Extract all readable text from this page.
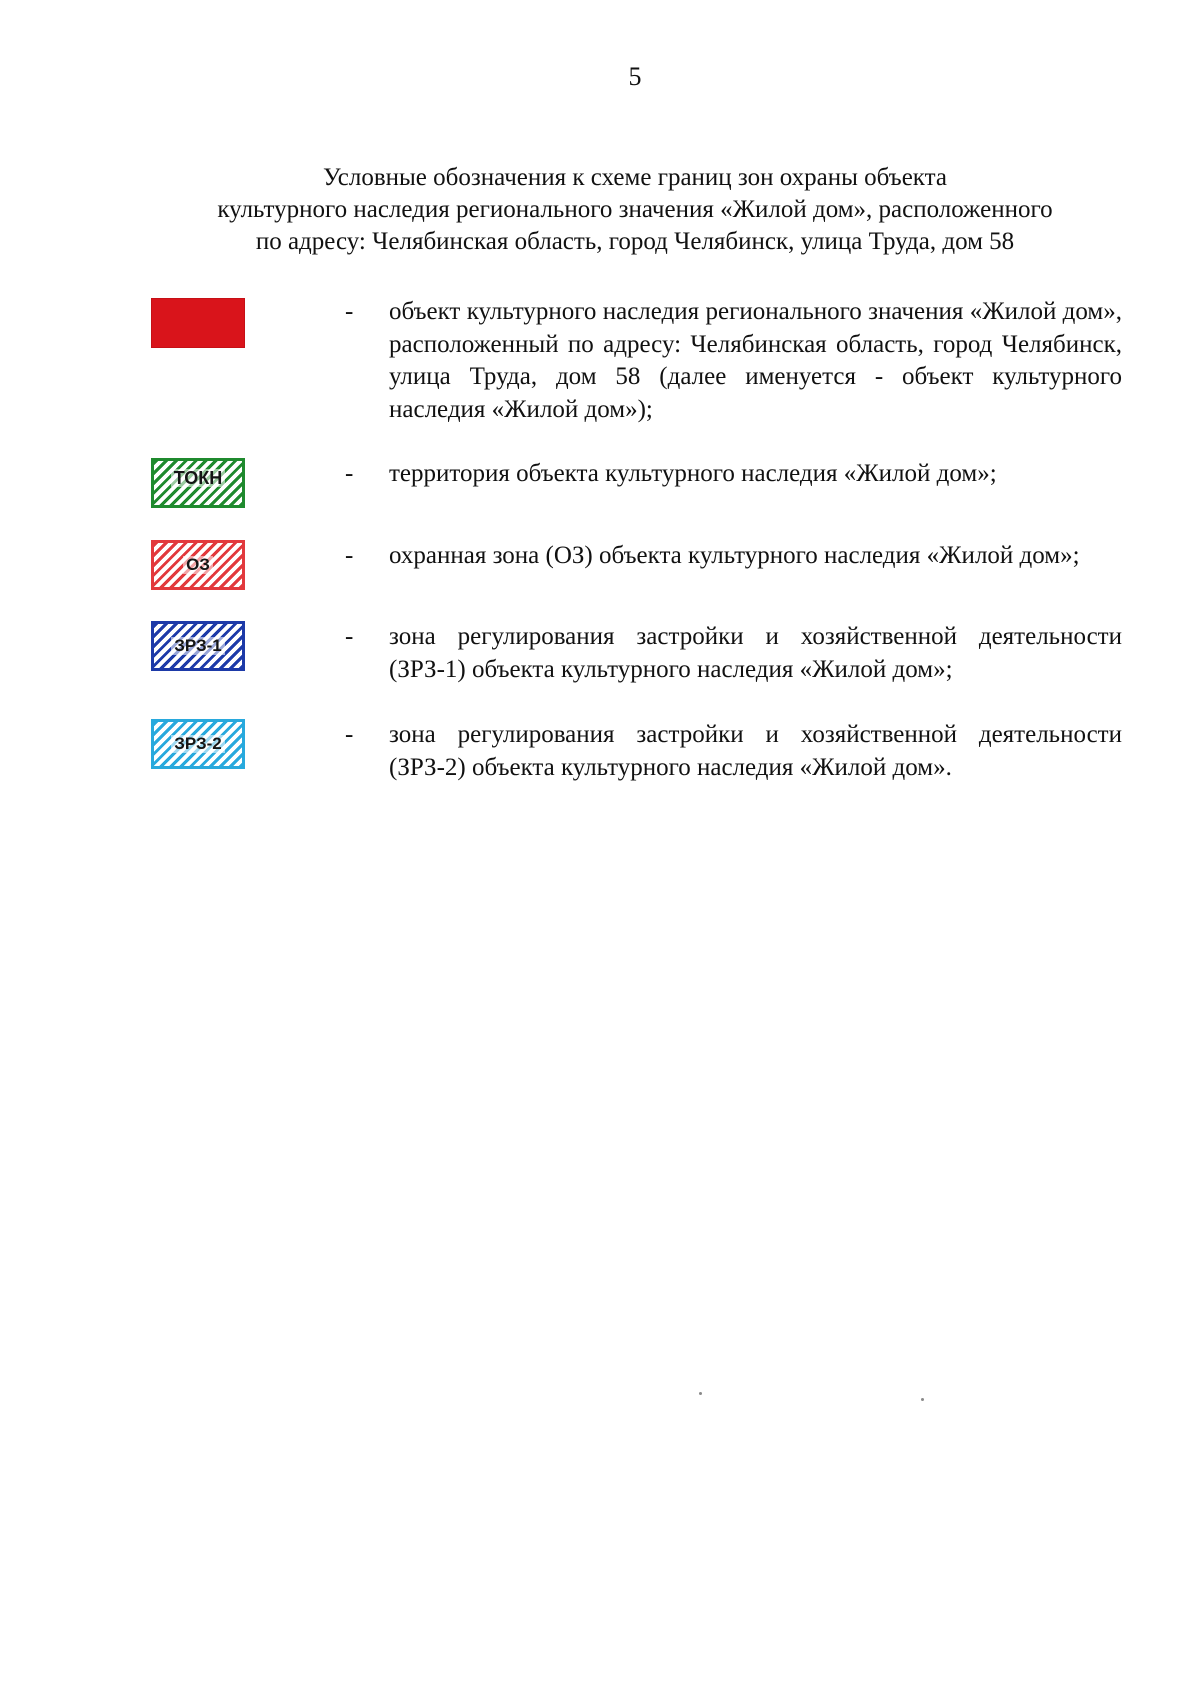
5
Условные обозначения к схеме границ зон охраны объекта
культурного наследия регионального значения «Жилой дом», расположенного
по адресу: Челябинская область, город Челябинск, улица Труда, дом 58
- объект культурного наследия регионального значения «Жилой дом», расположенный по адресу: Челябинская область, город Челябинск, улица Труда, дом 58 (далее именуется - объект культурного наследия «Жилой дом»);
ТОКН	- территория объекта культурного наследия «Жилой дом»;
ОЗ	- охранная зона (ОЗ) объекта культурного наследия «Жилой дом»;
ЗРЗ-1	- зона регулирования застройки и хозяйственной деятельности (ЗРЗ-1) объекта культурного наследия «Жилой дом»;
ЗРЗ-2	- зона регулирования застройки и хозяйственной деятельности (ЗРЗ-2) объекта культурного наследия «Жилой дом».
